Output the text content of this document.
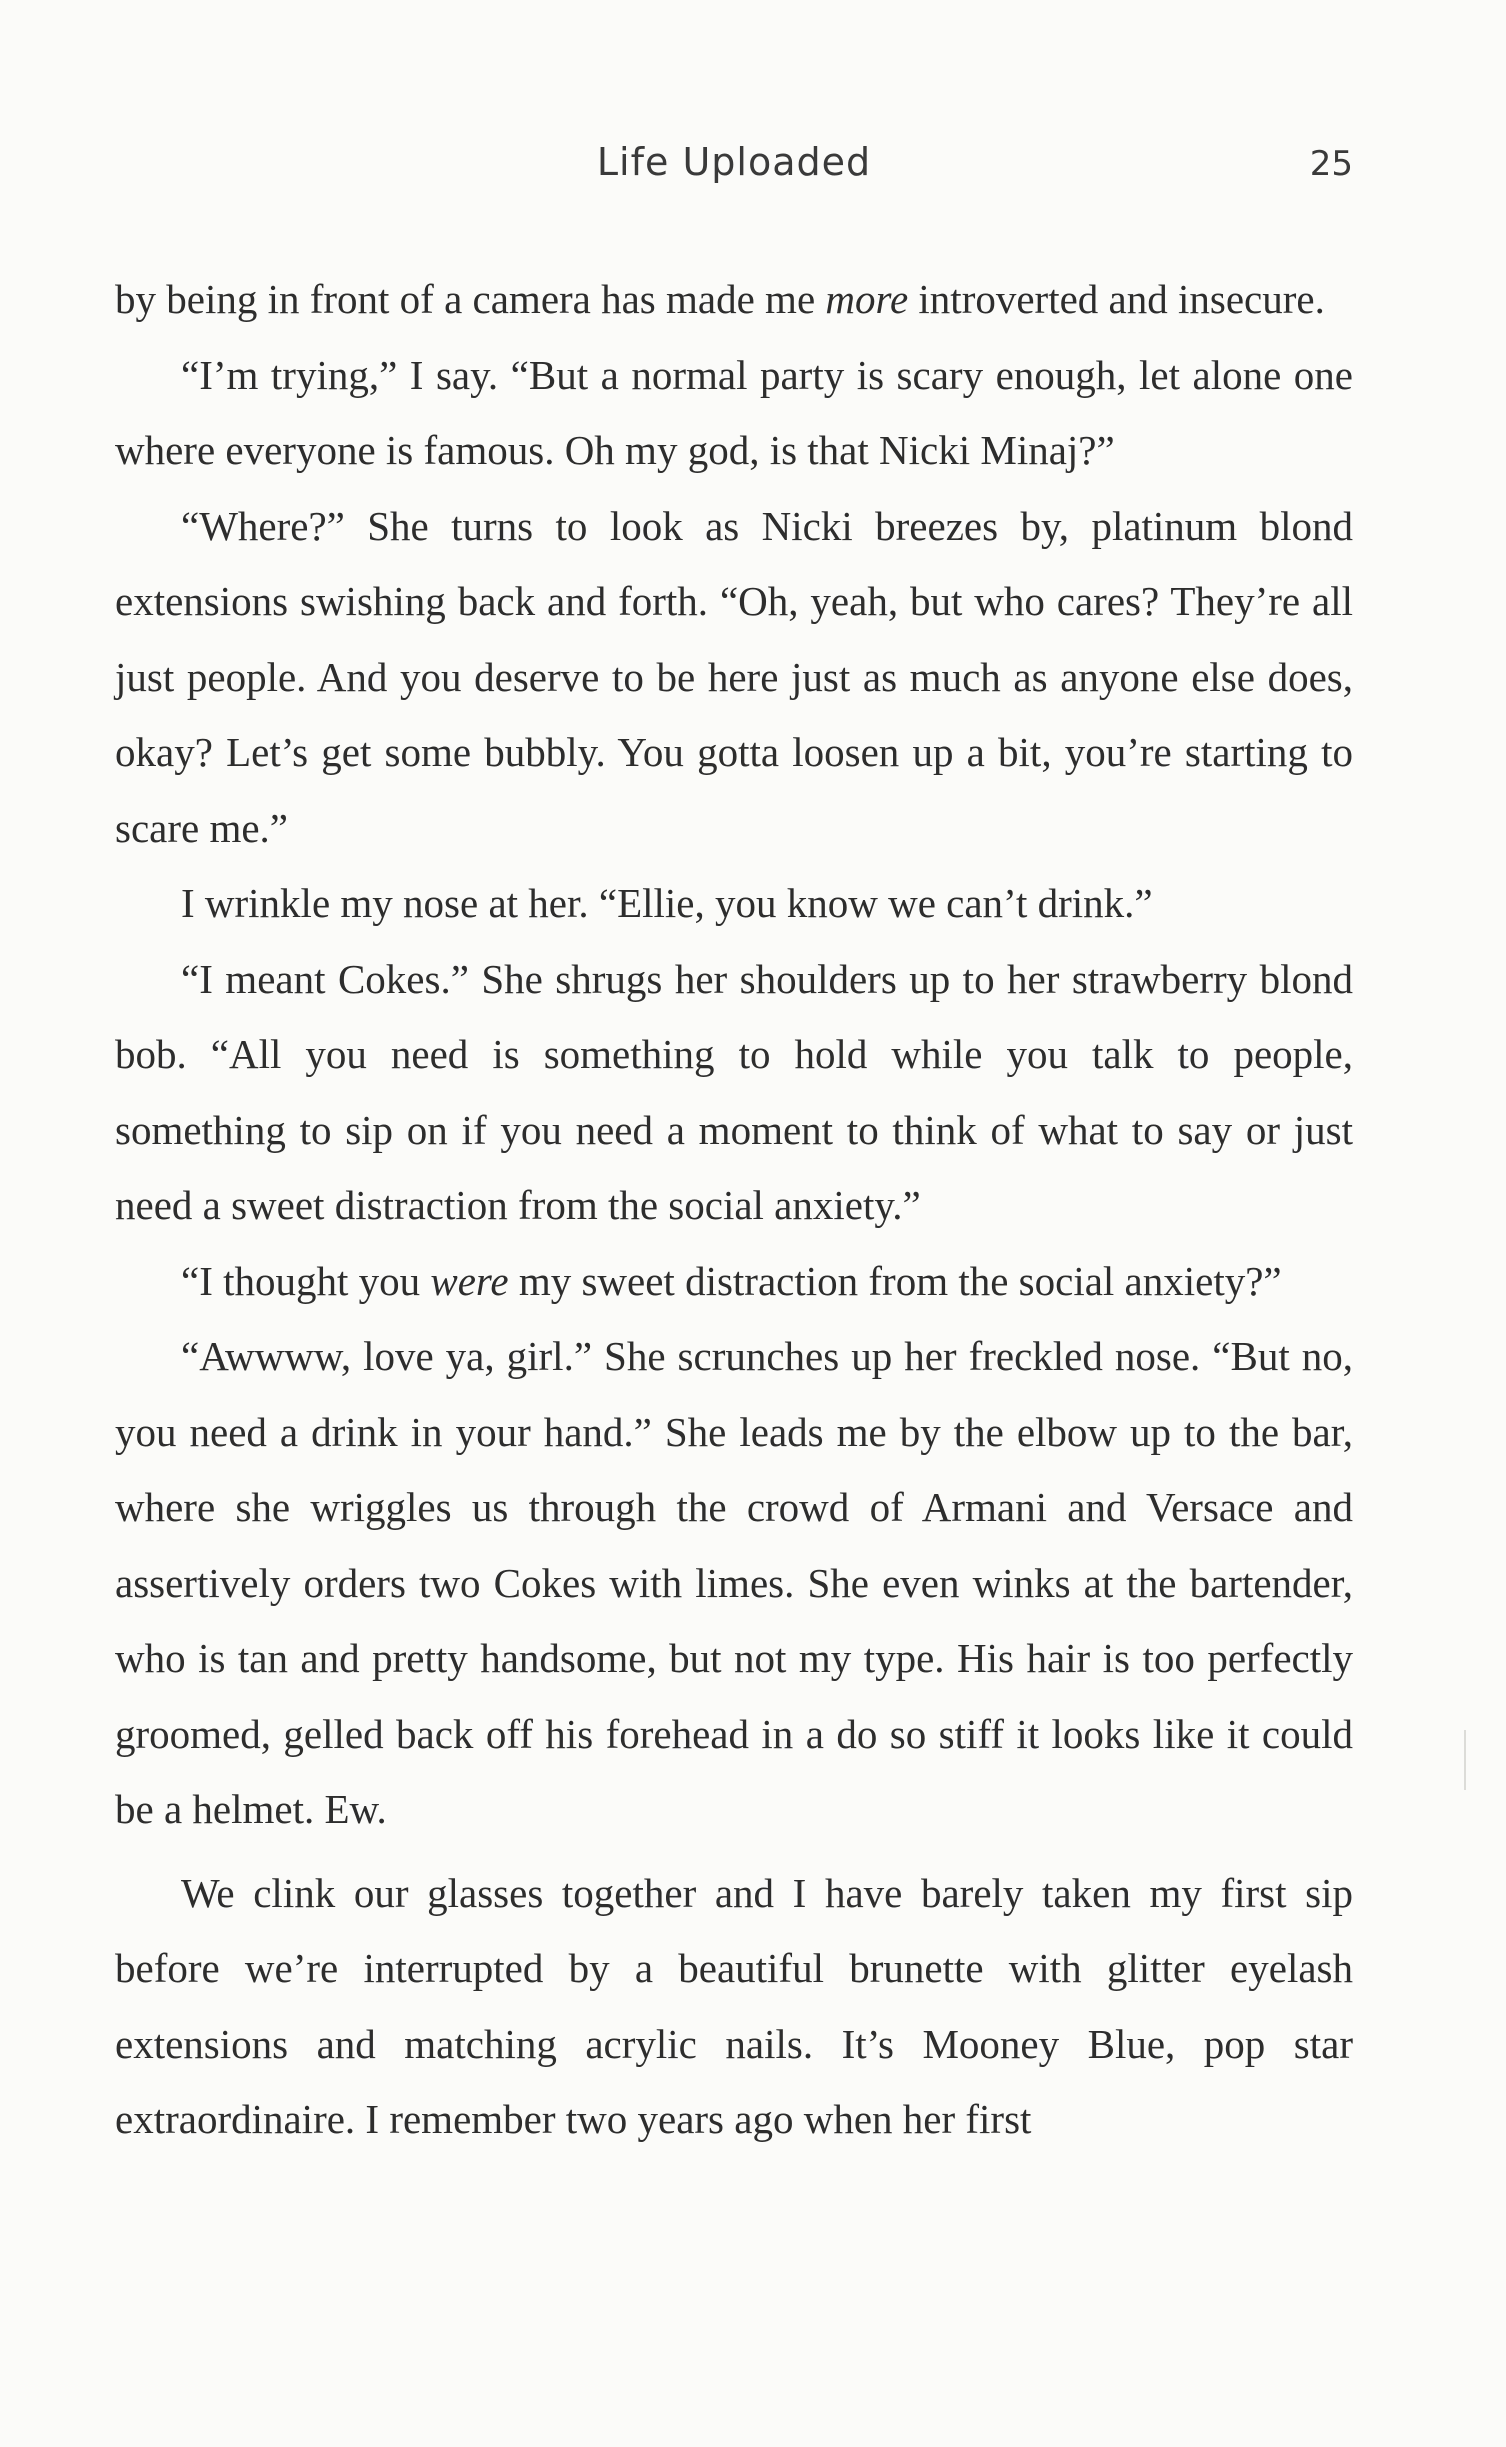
Life Uploaded	25

by being in front of a camera has made me more introverted and insecure.

“I’m trying,” I say. “But a normal party is scary enough, let alone one where everyone is famous. Oh my god, is that Nicki Minaj?”

“Where?” She turns to look as Nicki breezes by, platinum blond extensions swishing back and forth. “Oh, yeah, but who cares? They’re all just people. And you deserve to be here just as much as anyone else does, okay? Let’s get some bubbly. You gotta loosen up a bit, you’re starting to scare me.”

I wrinkle my nose at her. “Ellie, you know we can’t drink.”

“I meant Cokes.” She shrugs her shoulders up to her strawberry blond bob. “All you need is something to hold while you talk to people, something to sip on if you need a moment to think of what to say or just need a sweet distraction from the social anxiety.”

“I thought you were my sweet distraction from the social anxiety?”

“Awwww, love ya, girl.” She scrunches up her freckled nose. “But no, you need a drink in your hand.” She leads me by the elbow up to the bar, where she wriggles us through the crowd of Armani and Versace and assertively orders two Cokes with limes. She even winks at the bartender, who is tan and pretty handsome, but not my type. His hair is too perfectly groomed, gelled back off his forehead in a do so stiff it looks like it could be a helmet. Ew.

We clink our glasses together and I have barely taken my first sip before we’re interrupted by a beautiful brunette with glitter eyelash extensions and matching acrylic nails. It’s Mooney Blue, pop star extraordinaire. I remember two years ago when her first
